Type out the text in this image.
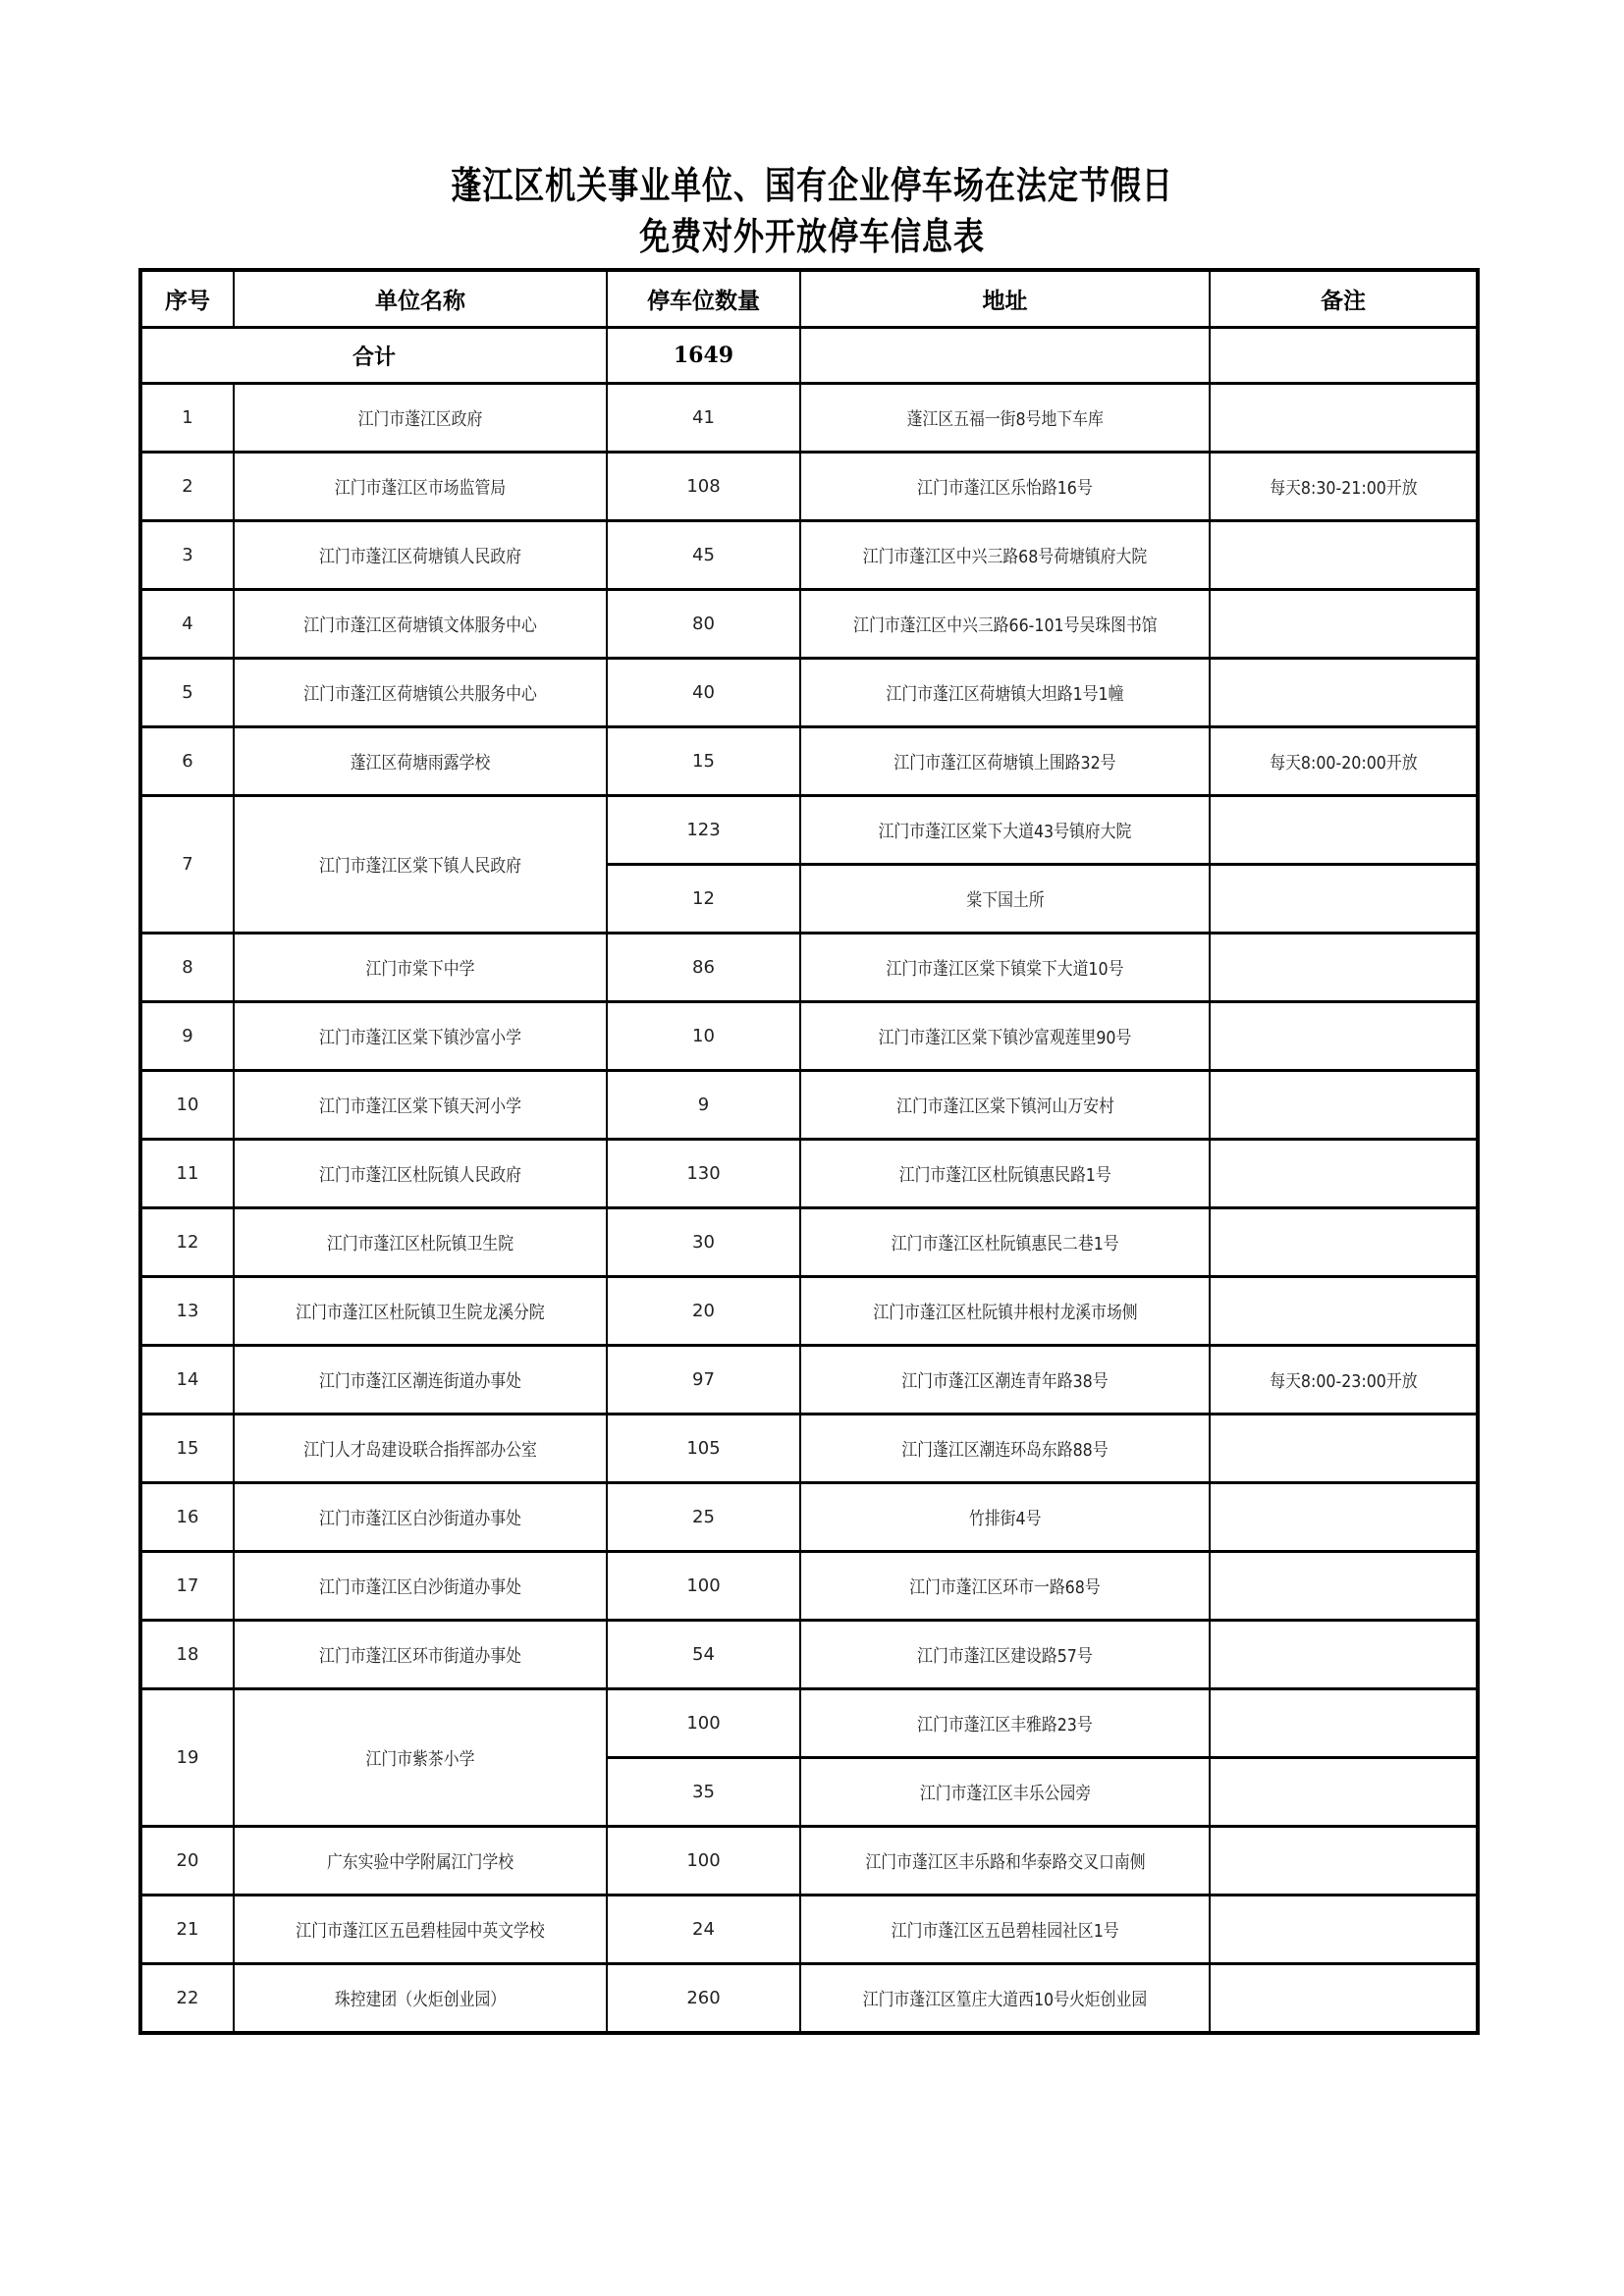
蓬江区机关事业单位、国有企业停车场在法定节假日
免费对外开放停车信息表
序号	单位名称	停车位数量	地址	备注
合计		1649		
1	江门市蓬江区政府	41	蓬江区五福一街8号地下车库	
2	江门市蓬江区市场监管局	108	江门市蓬江区乐怡路16号	每天8:30-21:00开放
3	江门市蓬江区荷塘镇人民政府	45	江门市蓬江区中兴三路68号荷塘镇府大院	
4	江门市蓬江区荷塘镇文体服务中心	80	江门市蓬江区中兴三路66-101号吴珠图书馆	
5	江门市蓬江区荷塘镇公共服务中心	40	江门市蓬江区荷塘镇大坦路1号1幢	
6	蓬江区荷塘雨露学校	15	江门市蓬江区荷塘镇上围路32号	每天8:00-20:00开放
7	江门市蓬江区棠下镇人民政府	123	江门市蓬江区棠下大道43号镇府大院	
		12	棠下国土所	
8	江门市棠下中学	86	江门市蓬江区棠下镇棠下大道10号	
9	江门市蓬江区棠下镇沙富小学	10	江门市蓬江区棠下镇沙富观莲里90号	
10	江门市蓬江区棠下镇天河小学	9	江门市蓬江区棠下镇河山万安村	
11	江门市蓬江区杜阮镇人民政府	130	江门市蓬江区杜阮镇惠民路1号	
12	江门市蓬江区杜阮镇卫生院	30	江门市蓬江区杜阮镇惠民二巷1号	
13	江门市蓬江区杜阮镇卫生院龙溪分院	20	江门市蓬江区杜阮镇井根村龙溪市场侧	
14	江门市蓬江区潮连街道办事处	97	江门市蓬江区潮连青年路38号	每天8:00-23:00开放
15	江门人才岛建设联合指挥部办公室	105	江门蓬江区潮连环岛东路88号	
16	江门市蓬江区白沙街道办事处	25	竹排街4号	
17	江门市蓬江区白沙街道办事处	100	江门市蓬江区环市一路68号	
18	江门市蓬江区环市街道办事处	54	江门市蓬江区建设路57号	
19	江门市紫茶小学	100	江门市蓬江区丰雅路23号	
		35	江门市蓬江区丰乐公园旁	
20	广东实验中学附属江门学校	100	江门市蓬江区丰乐路和华泰路交叉口南侧	
21	江门市蓬江区五邑碧桂园中英文学校	24	江门市蓬江区五邑碧桂园社区1号	
22	珠控建团（火炬创业园）	260	江门市蓬江区篁庄大道西10号火炬创业园	
